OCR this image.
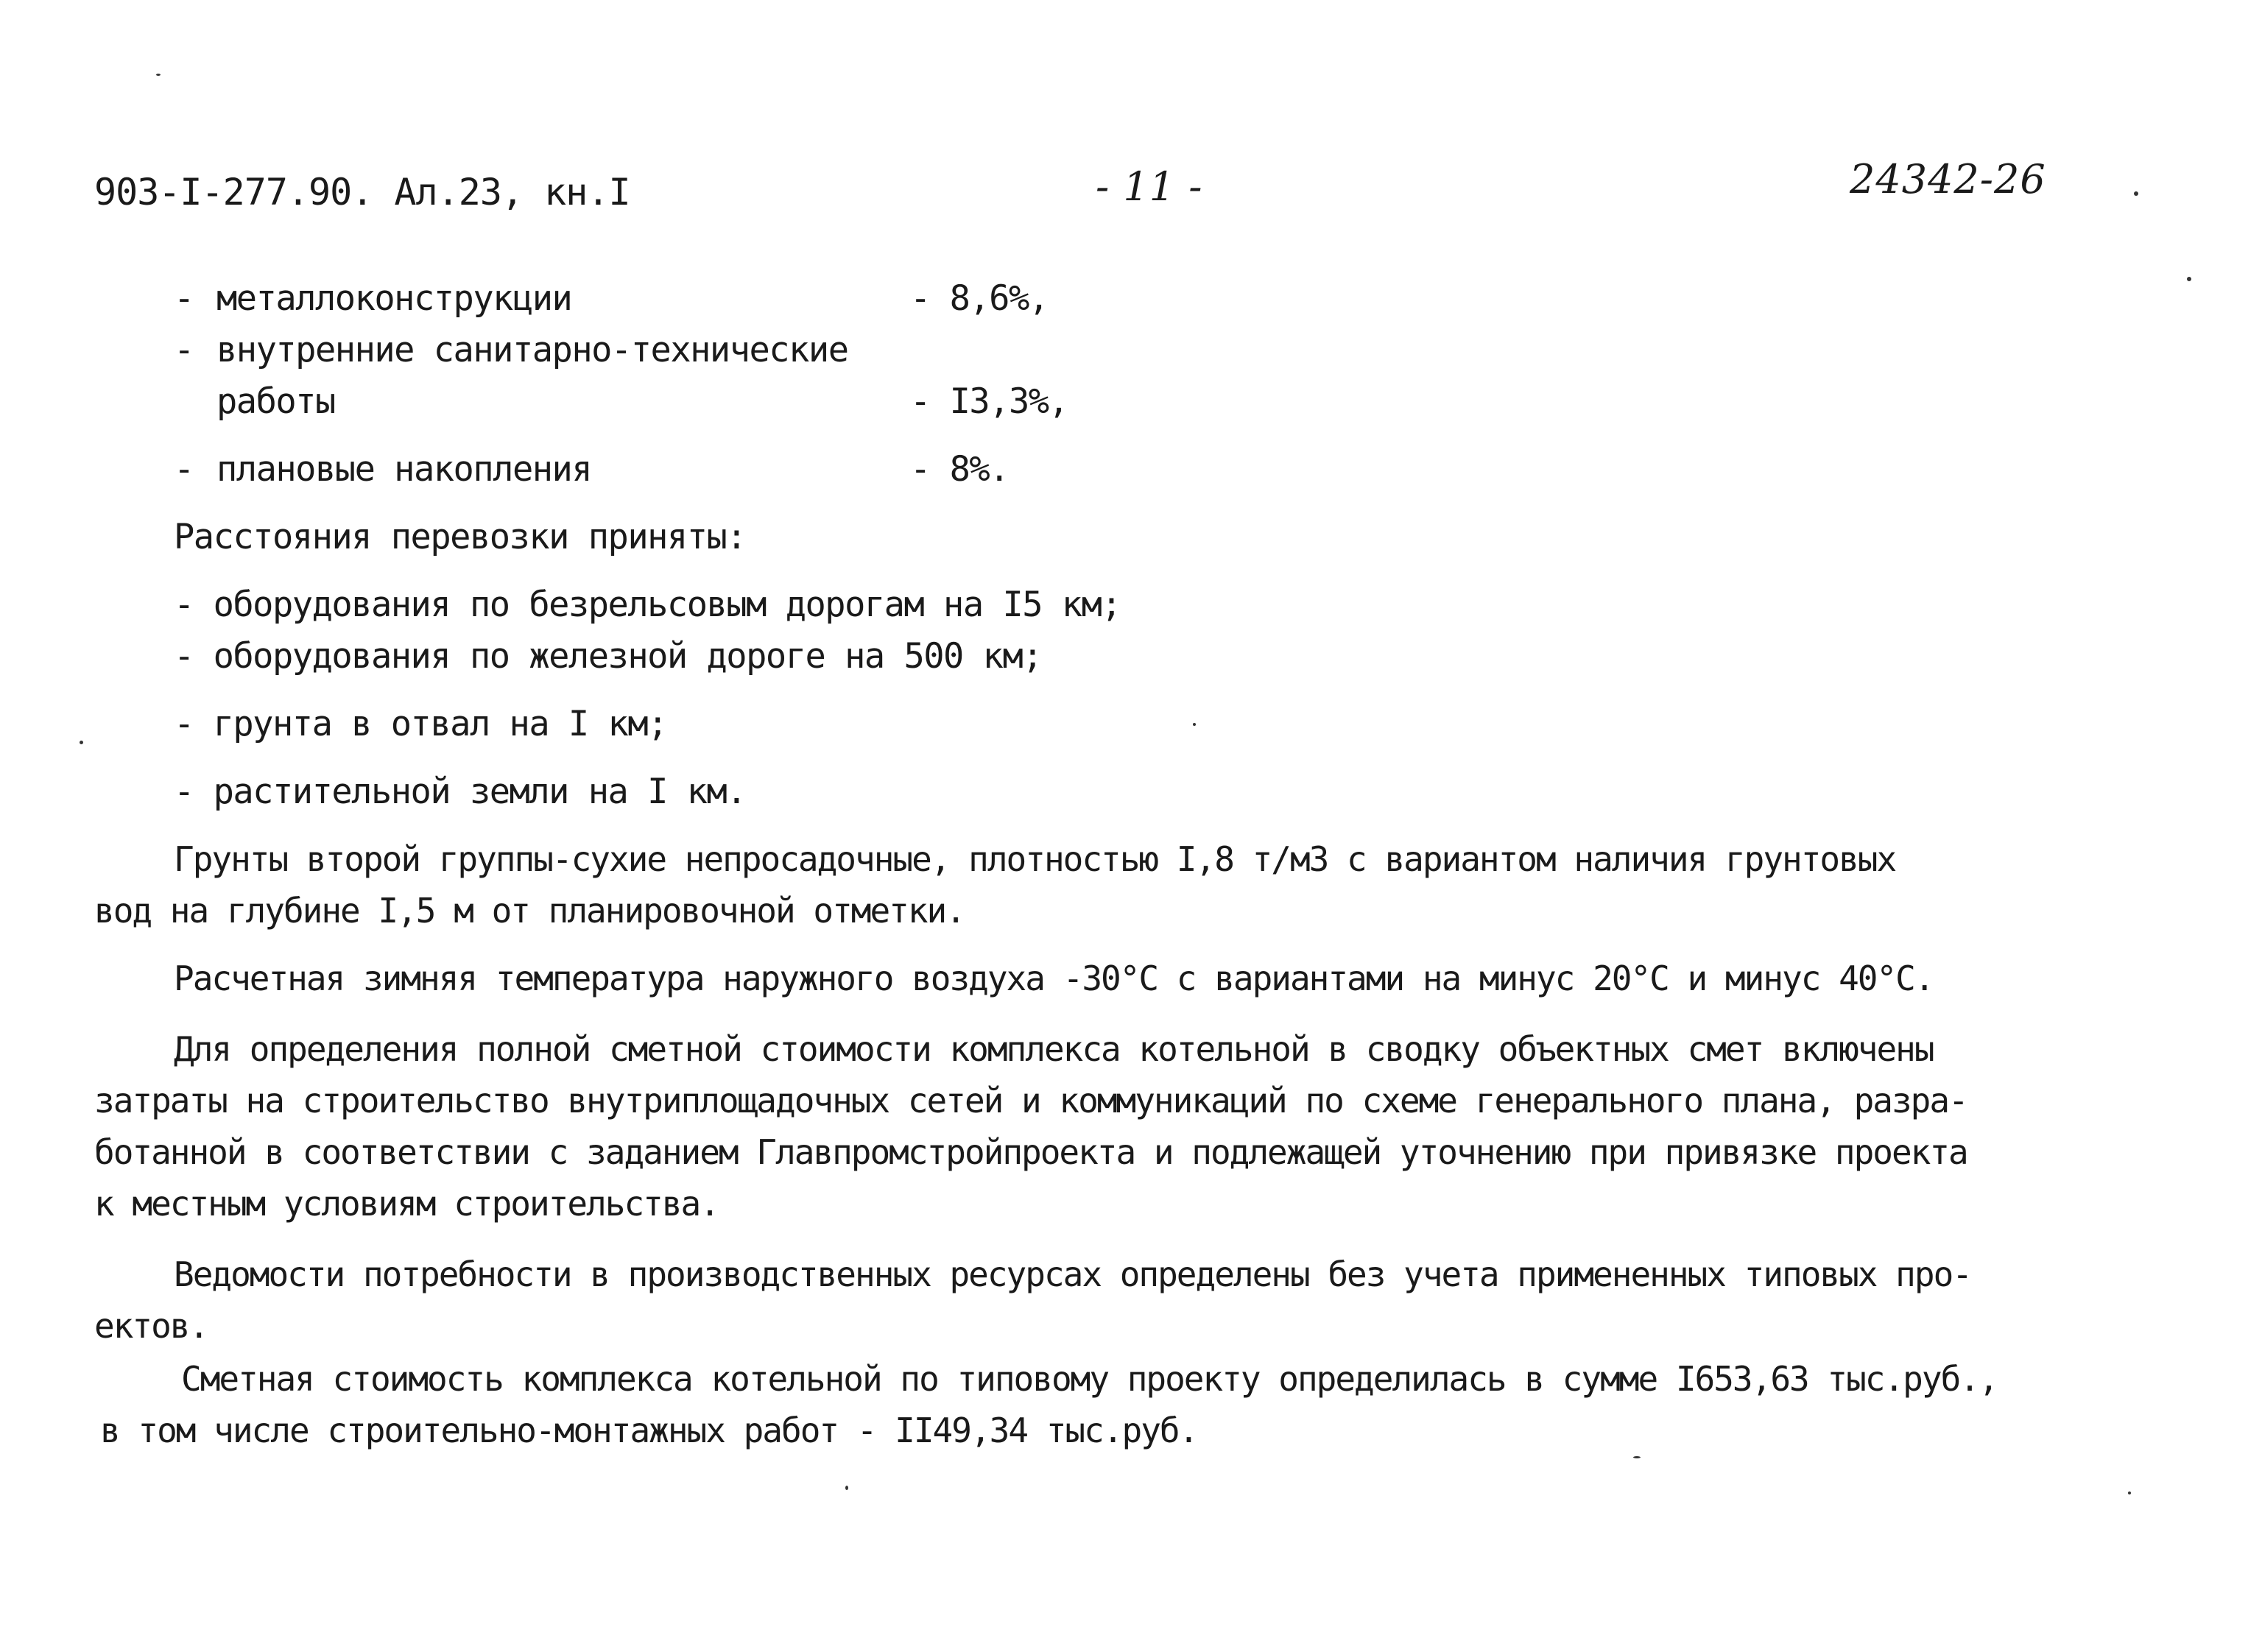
903-I-277.90. Ал.23, кн.I	- 11 -	24342-26
- металлоконструкции	- 8,6%,
- внутренние санитарно-технические
работы	- I3,3%,
- плановые накопления	- 8%.
Расстояния перевозки приняты:
- оборудования по безрельсовым дорогам на I5 км;
- оборудования по железной дороге на 500 км;
- грунта в отвал на I км;
- растительной земли на I км.
Грунты второй группы-сухие непросадочные, плотностью I,8 т/м3 с вариантом наличия грунтовых
вод на глубине I,5 м от планировочной отметки.
Расчетная зимняя температура наружного воздуха -30°С с вариантами на минус 20°С и минус 40°С.
Для определения полной сметной стоимости комплекса котельной в сводку объектных смет включены
затраты на строительство внутриплощадочных сетей и коммуникаций по схеме генерального плана, разра-
ботанной в соответствии с заданием Главпромстройпроекта и подлежащей уточнению при привязке проекта
к местным условиям строительства.
Ведомости потребности в производственных ресурсах определены без учета примененных типовых про-
ектов.
Сметная стоимость комплекса котельной по типовому проекту определилась в сумме I653,63 тыс.руб.,
в том числе строительно-монтажных работ - II49,34 тыс.руб.
